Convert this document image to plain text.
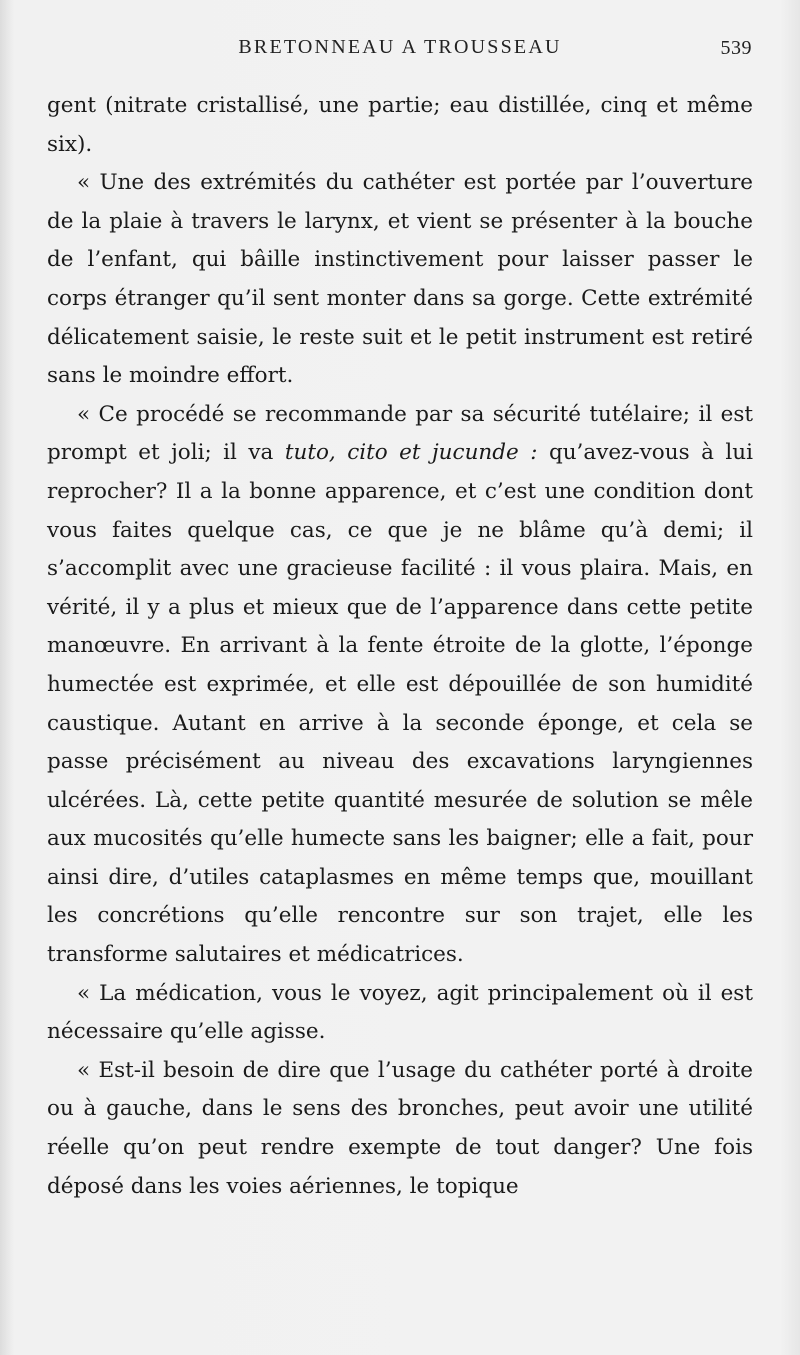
BRETONNEAU A TROUSSEAU	539

gent (nitrate cristallisé, une partie; eau distillée, cinq et même six).

« Une des extrémités du cathéter est portée par l’ouverture de la plaie à travers le larynx, et vient se présenter à la bouche de l’enfant, qui bâille instinctivement pour laisser passer le corps étranger qu’il sent monter dans sa gorge. Cette extrémité délicatement saisie, le reste suit et le petit instrument est retiré sans le moindre effort.

« Ce procédé se recommande par sa sécurité tutélaire; il est prompt et joli; il va tuto, cito et jucunde : qu’avez-vous à lui reprocher? Il a la bonne apparence, et c’est une condition dont vous faites quelque cas, ce que je ne blâme qu’à demi; il s’accomplit avec une gracieuse facilité : il vous plaira. Mais, en vérité, il y a plus et mieux que de l’apparence dans cette petite manœuvre. En arrivant à la fente étroite de la glotte, l’éponge humectée est exprimée, et elle est dépouillée de son humidité caustique. Autant en arrive à la seconde éponge, et cela se passe précisément au niveau des excavations laryngiennes ulcérées. Là, cette petite quantité mesurée de solution se mêle aux mucosités qu’elle humecte sans les baigner; elle a fait, pour ainsi dire, d’utiles cataplasmes en même temps que, mouillant les concrétions qu’elle rencontre sur son trajet, elle les transforme salutaires et médicatrices.

« La médication, vous le voyez, agit principalement où il est nécessaire qu’elle agisse.

« Est-il besoin de dire que l’usage du cathéter porté à droite ou à gauche, dans le sens des bronches, peut avoir une utilité réelle qu’on peut rendre exempte de tout danger? Une fois déposé dans les voies aériennes, le topique
